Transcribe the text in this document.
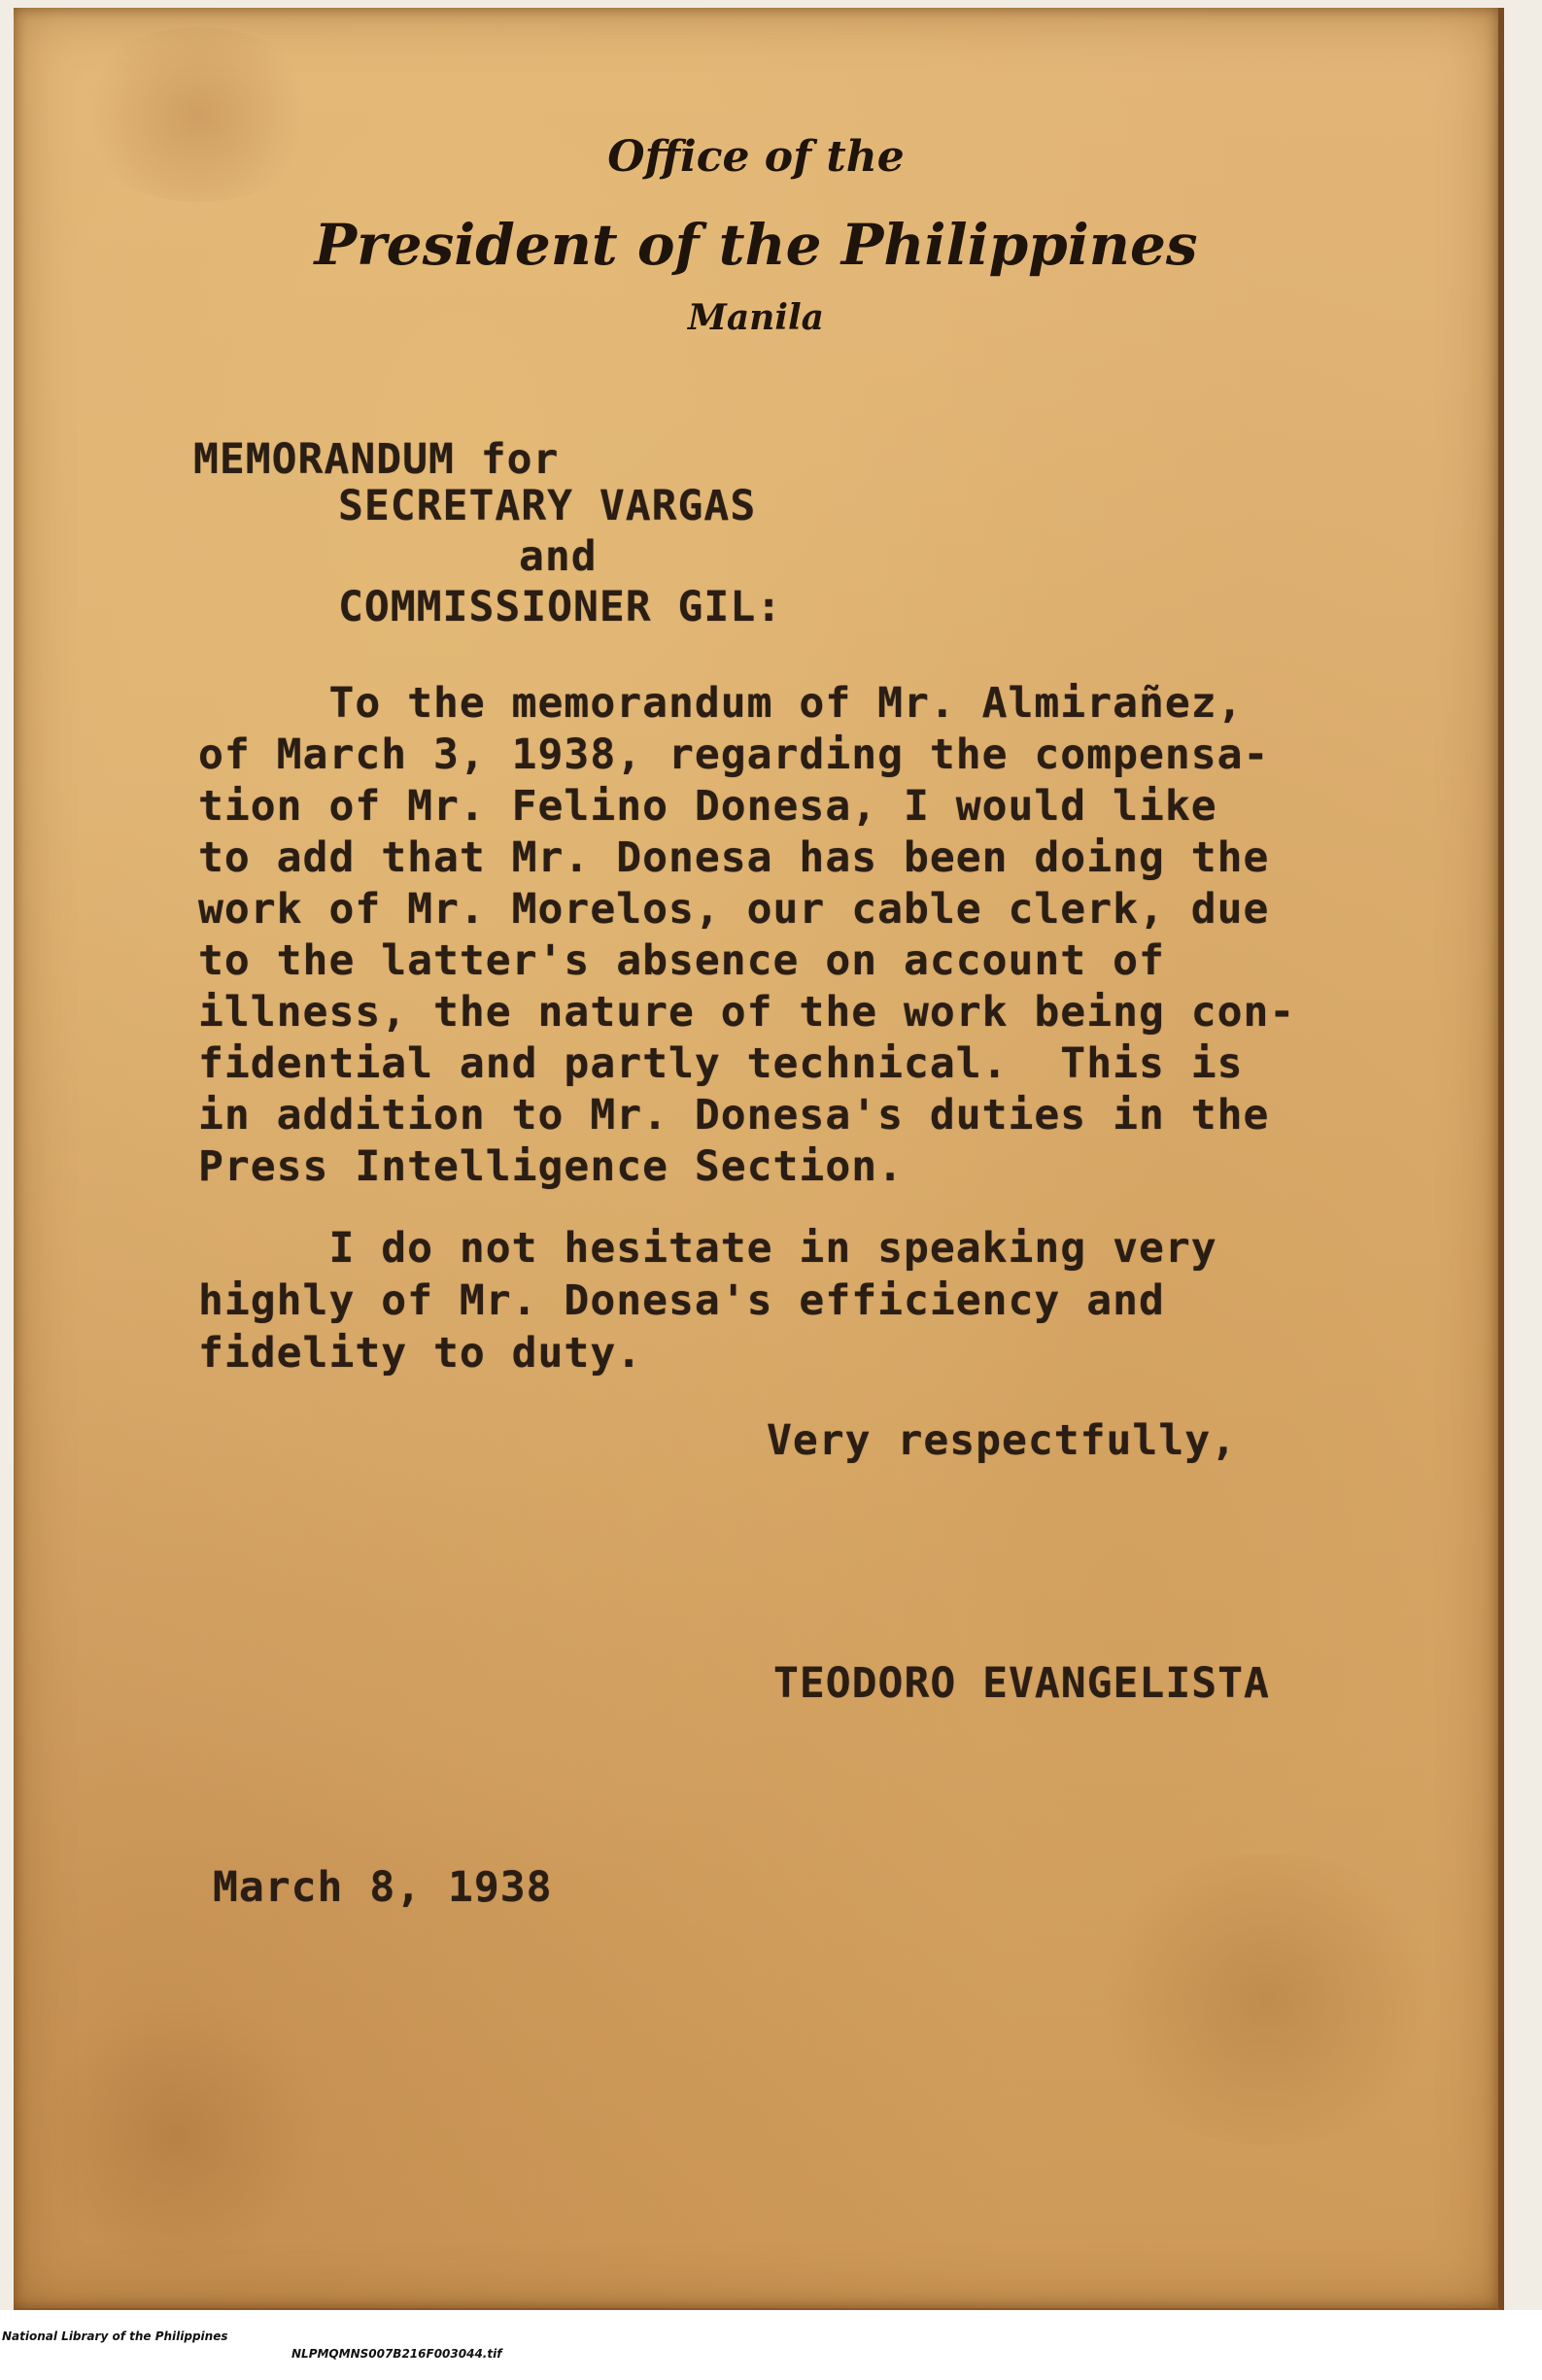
Office of the
President of the Philippines
Manila
MEMORANDUM for
SECRETARY VARGAS
and
COMMISSIONER GIL:
To the memorandum of Mr. Almirañez,
of March 3, 1938, regarding the compensa-
tion of Mr. Felino Donesa, I would like
to add that Mr. Donesa has been doing the
work of Mr. Morelos, our cable clerk, due
to the latter's absence on account of
illness, the nature of the work being con-
fidential and partly technical.  This is
in addition to Mr. Donesa's duties in the
Press Intelligence Section.
I do not hesitate in speaking very
highly of Mr. Donesa's efficiency and
fidelity to duty.
Very respectfully,
TEODORO EVANGELISTA
March 8, 1938

National Library of the Philippines

NLPMQMNS007B216F003044.tif
